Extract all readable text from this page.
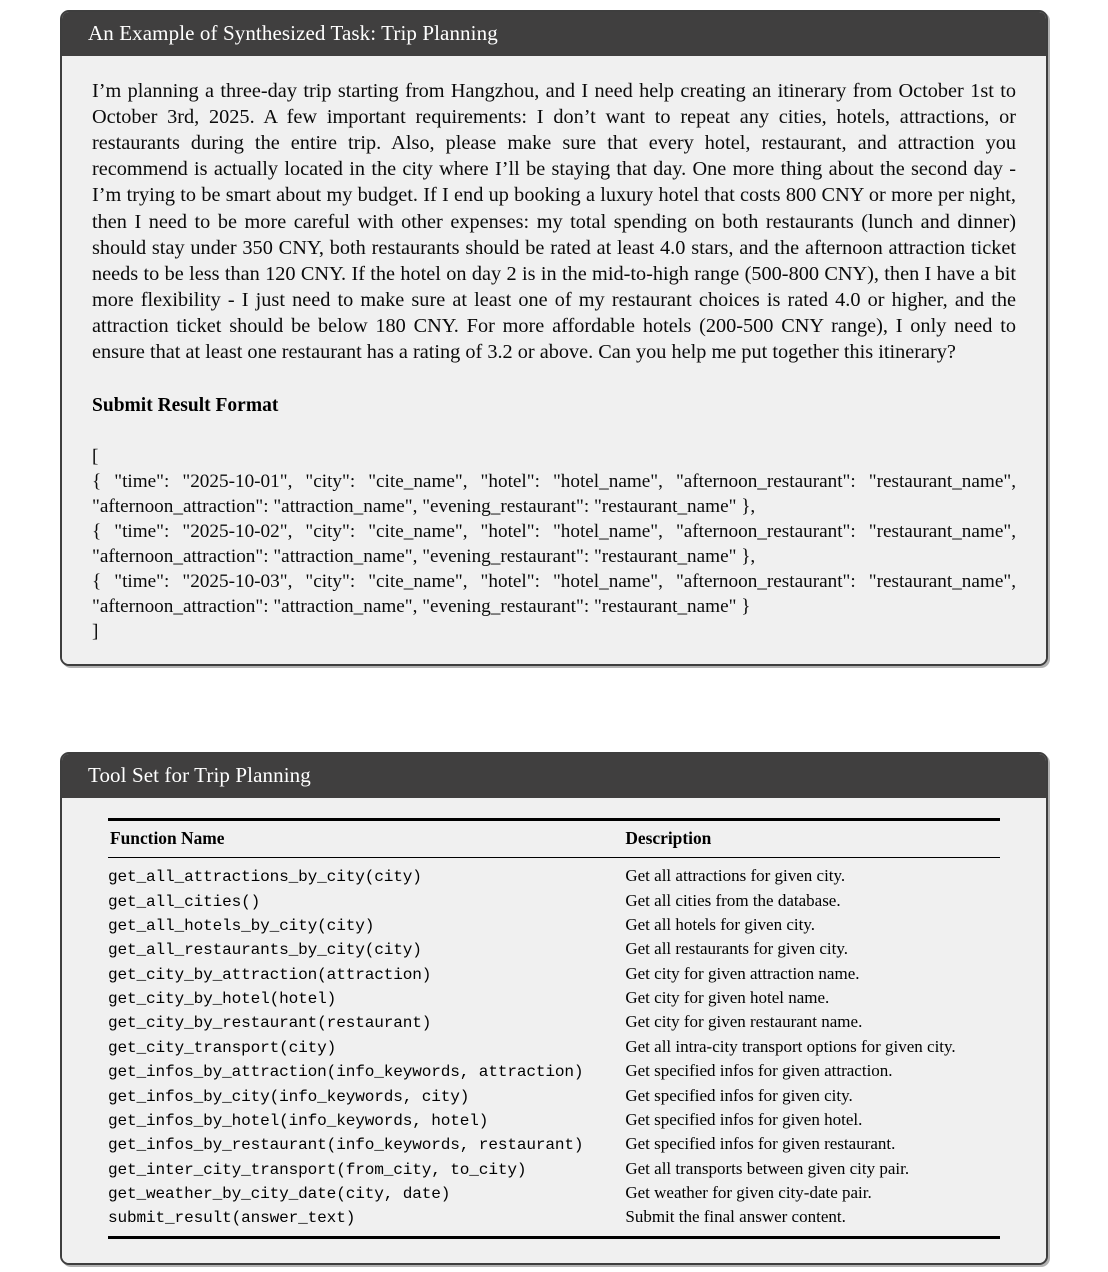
An Example of Synthesized Task: Trip Planning

I’m planning a three-day trip starting from Hangzhou, and I need help creating an itinerary from October 1st to October 3rd, 2025. A few important requirements: I don’t want to repeat any cities, hotels, attractions, or restaurants during the entire trip. Also, please make sure that every hotel, restaurant, and attraction you recommend is actually located in the city where I’ll be staying that day. One more thing about the second day - I’m trying to be smart about my budget. If I end up booking a luxury hotel that costs 800 CNY or more per night, then I need to be more careful with other expenses: my total spending on both restaurants (lunch and dinner) should stay under 350 CNY, both restaurants should be rated at least 4.0 stars, and the afternoon attraction ticket needs to be less than 120 CNY. If the hotel on day 2 is in the mid-to-high range (500-800 CNY), then I have a bit more flexibility - I just need to make sure at least one of my restaurant choices is rated 4.0 or higher, and the attraction ticket should be below 180 CNY. For more affordable hotels (200-500 CNY range), I only need to ensure that at least one restaurant has a rating of 3.2 or above. Can you help me put together this itinerary?

Submit Result Format

[
{ "time": "2025-10-01", "city": "cite_name", "hotel": "hotel_name", "afternoon_restaurant": "restaurant_name", "afternoon_attraction": "attraction_name", "evening_restaurant": "restaurant_name" },
{ "time": "2025-10-02", "city": "cite_name", "hotel": "hotel_name", "afternoon_restaurant": "restaurant_name", "afternoon_attraction": "attraction_name", "evening_restaurant": "restaurant_name" },
{ "time": "2025-10-03", "city": "cite_name", "hotel": "hotel_name", "afternoon_restaurant": "restaurant_name", "afternoon_attraction": "attraction_name", "evening_restaurant": "restaurant_name" }
]
Tool Set for Trip Planning
Function Name	Description
get_all_attractions_by_city(city)	Get all attractions for given city.
get_all_cities()	Get all cities from the database.
get_all_hotels_by_city(city)	Get all hotels for given city.
get_all_restaurants_by_city(city)	Get all restaurants for given city.
get_city_by_attraction(attraction)	Get city for given attraction name.
get_city_by_hotel(hotel)	Get city for given hotel name.
get_city_by_restaurant(restaurant)	Get city for given restaurant name.
get_city_transport(city)	Get all intra-city transport options for given city.
get_infos_by_attraction(info_keywords, attraction)	Get specified infos for given attraction.
get_infos_by_city(info_keywords, city)	Get specified infos for given city.
get_infos_by_hotel(info_keywords, hotel)	Get specified infos for given hotel.
get_infos_by_restaurant(info_keywords, restaurant)	Get specified infos for given restaurant.
get_inter_city_transport(from_city, to_city)	Get all transports between given city pair.
get_weather_by_city_date(city, date)	Get weather for given city-date pair.
submit_result(answer_text)	Submit the final answer content.
